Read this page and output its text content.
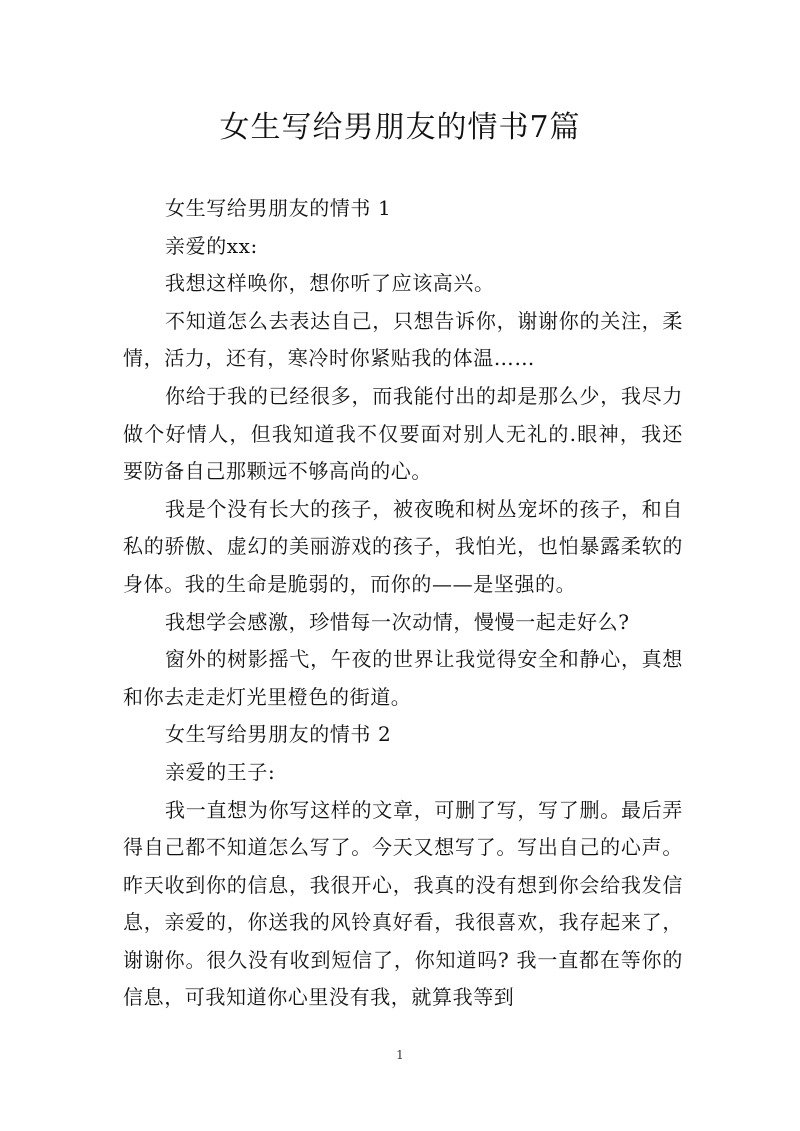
女生写给男朋友的情书7篇

女生写给男朋友的情书 1

亲爱的xx:

我想这样唤你，想你听了应该高兴。

不知道怎么去表达自己，只想告诉你，谢谢你的关注，柔情，活力，还有，寒冷时你紧贴我的体温……

你给于我的已经很多，而我能付出的却是那么少，我尽力做个好情人，但我知道我不仅要面对别人无礼的.眼神，我还要防备自己那颗远不够高尚的心。

我是个没有长大的孩子，被夜晚和树丛宠坏的孩子，和自私的骄傲、虚幻的美丽游戏的孩子，我怕光，也怕暴露柔软的身体。我的生命是脆弱的，而你的——是坚强的。

我想学会感激，珍惜每一次动情，慢慢一起走好么?

窗外的树影摇弋，午夜的世界让我觉得安全和静心，真想和你去走走灯光里橙色的街道。

女生写给男朋友的情书 2

亲爱的王子:

我一直想为你写这样的文章，可删了写，写了删。最后弄得自己都不知道怎么写了。今天又想写了。写出自己的心声。昨天收到你的信息，我很开心，我真的没有想到你会给我发信息，亲爱的，你送我的风铃真好看，我很喜欢，我存起来了，谢谢你。很久没有收到短信了，你知道吗? 我一直都在等你的信息，可我知道你心里没有我，就算我等到

1
